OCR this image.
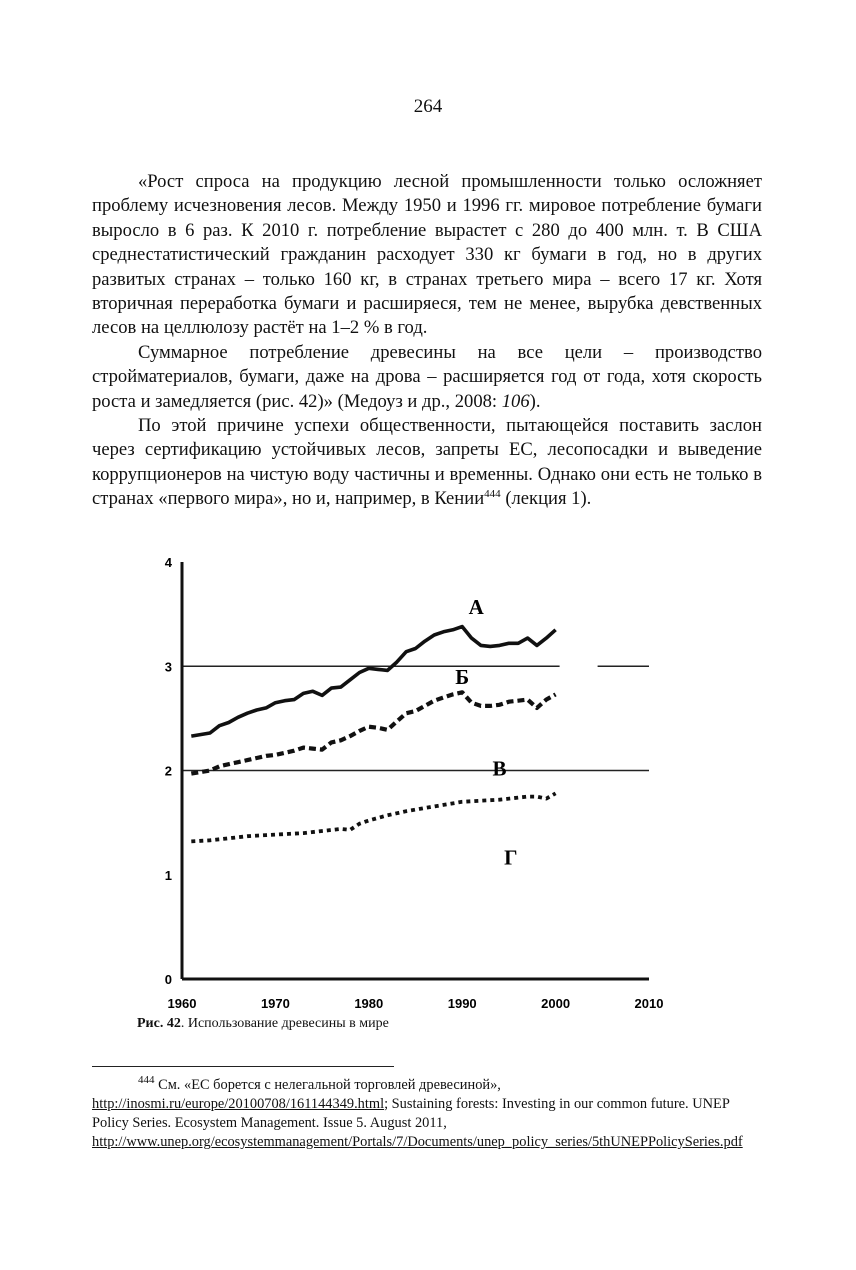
264

«Рост спроса на продукцию лесной промышленности только осложняет проблему исчезновения лесов. Между 1950 и 1996 гг. мировое потребление бумаги выросло в 6 раз. К 2010 г. потребление вырастет с 280 до 400 млн. т. В США среднестатистический гражданин расходует 330 кг бумаги в год, но в других развитых странах – только 160 кг, в странах третьего мира – всего 17 кг. Хотя вторичная переработка бумаги и расширяеся, тем не менее, вырубка девственных лесов на целлюлозу растёт на 1–2 % в год.

Суммарное потребление древесины на все цели – производство стройматериалов, бумаги, даже на дрова – расширяется год от года, хотя скорость роста и замедляется (рис. 42)» (Медоуз и др., 2008: 106).

По этой причине успехи общественности, пытающейся поставить заслон через сертификацию устойчивых лесов, запреты ЕС, лесопосадки и выведение коррупционеров на чистую воду частичны и временны. Однако они есть не только в странах «первого мира», но и, например, в Кении$^{444}$ (лекция 1).

0
1
2
3
4
1960	1970	1980	1990	2000	2010
А
Б
В
Г
Рис. 42. Использование древесины в мире
$^{444}$ См. «ЕС борется с нелегальной торговлей древесиной», http://inosmi.ru/europe/20100708/161144349.html; Sustaining forests: Investing in our common future. UNEP Policy Series. Ecosystem Management. Issue 5. August 2011, http://www.unep.org/ecosystemmanagement/Portals/7/Documents/unep_policy_series/5thUNEPPolicySeries.pdf
